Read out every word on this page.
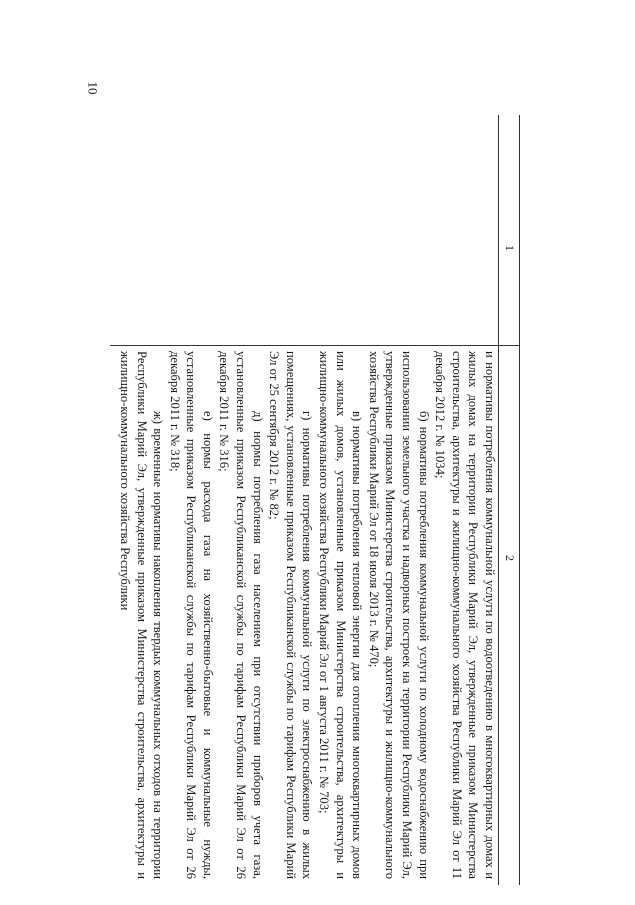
10
1
2

и нормативы потребления коммунальной услуги по водоотведению в многоквартирных домах и жилых домах на территории Республики Марий Эл, утвержденные приказом Министерства строительства, архитектуры и жилищно-коммунального хозяйства Республики Марий Эл от 11 декабря 2012 г. № 1034;

б) нормативы потребления коммунальной услуги по холодному водоснабжению при использовании земельного участка и надворных построек на территории Республики Марий Эл, утвержденные приказом Министерства строительства, архитектуры и жилищно-коммунального хозяйства Республики Марий Эл от 18 июля 2013 г. № 470;

в) нормативы потребления тепловой энергии для отопления многоквартирных домов или жилых домов, установленные приказом Министерства строительства, архитектуры и жилищно-коммунального хозяйства Республики Марий Эл от 1 августа 2011 г. № 703;

г) нормативы потребления коммунальной услуги по электроснабжению в жилых помещениях, установленные приказом Республиканской службы по тарифам Республики Марий Эл от 25 сентября 2012 г. № 82;

д) нормы потребления газа населением при отсутствии приборов учета газа, установленные приказом Республиканской службы по тарифам Республики Марий Эл от 26 декабря 2011 г. № 316;

е) нормы расхода газа на хозяйственно-бытовые и коммунальные нужды, установленные приказом Республиканской службы по тарифам Республики Марий Эл от 26 декабря 2011 г. № 318;

ж) временные нормативы накопления твердых коммунальных отходов на территории Республики Марий Эл, утвержденные приказом Министерства строительства, архитектуры и жилищно-коммунального хозяйства Республики
